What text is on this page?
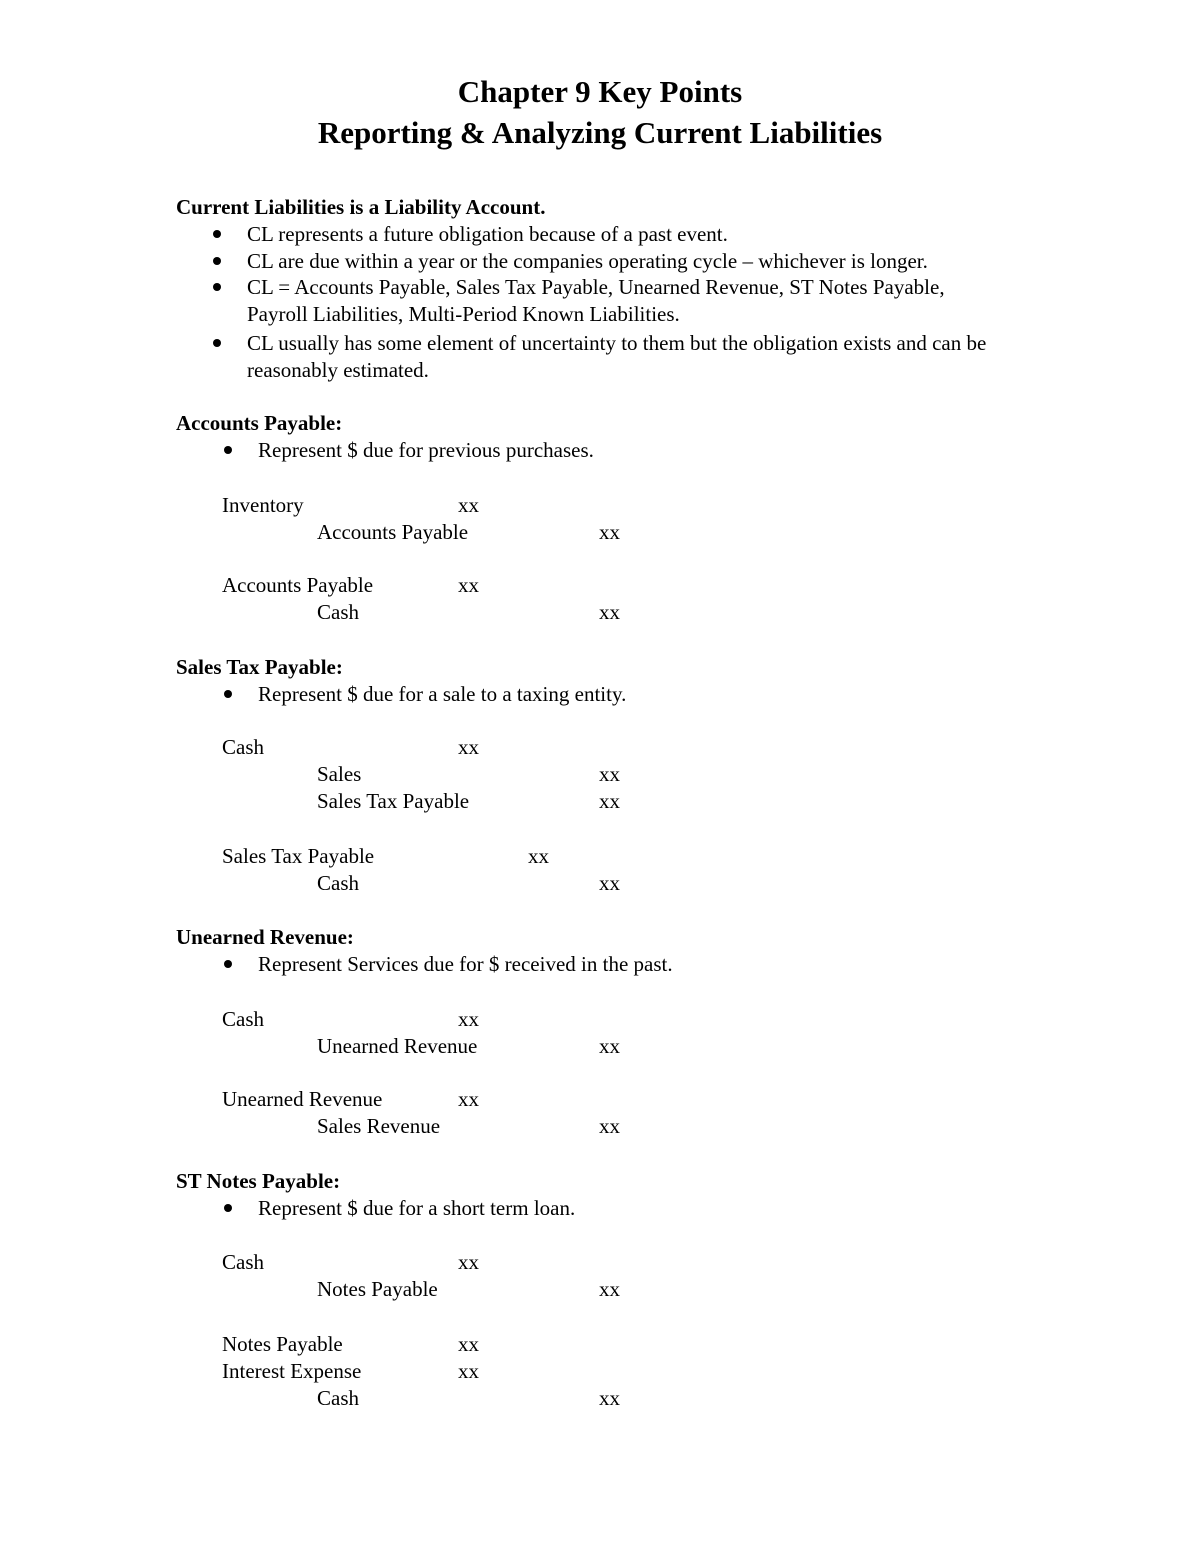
Chapter 9 Key Points
Reporting & Analyzing Current Liabilities
Current Liabilities is a Liability Account.
CL represents a future obligation because of a past event.
CL are due within a year or the companies operating cycle – whichever is longer.
CL = Accounts Payable, Sales Tax Payable, Unearned Revenue, ST Notes Payable,
Payroll Liabilities, Multi-Period Known Liabilities.
CL usually has some element of uncertainty to them but the obligation exists and can be
reasonably estimated.
Accounts Payable:
Represent $ due for previous purchases.
Inventory	xx
Accounts Payable	xx
Accounts Payable	xx
Cash	xx
Sales Tax Payable:
Represent $ due for a sale to a taxing entity.
Cash	xx
Sales	xx
Sales Tax Payable	xx
Sales Tax Payable	xx
Cash	xx
Unearned Revenue:
Represent Services due for $ received in the past.
Cash	xx
Unearned Revenue	xx
Unearned Revenue	xx
Sales Revenue	xx
ST Notes Payable:
Represent $ due for a short term loan.
Cash	xx
Notes Payable	xx
Notes Payable	xx
Interest Expense	xx
Cash	xx
